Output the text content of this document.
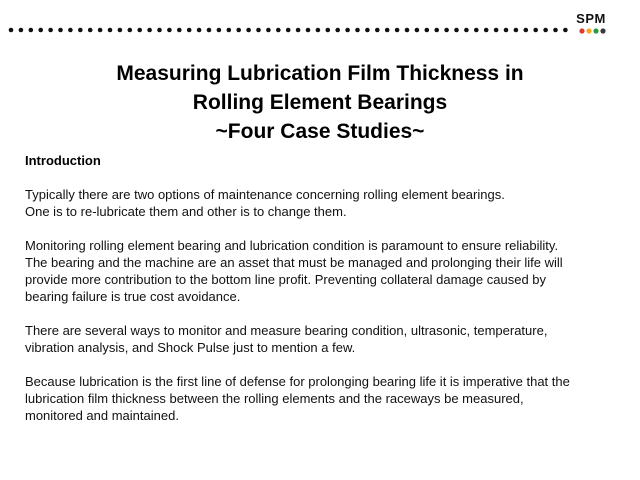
SPM
Measuring Lubrication Film Thickness in
Rolling Element Bearings
~Four Case Studies~
Introduction
Typically there are two options of maintenance concerning rolling element bearings.
One is to re-lubricate them and other is to change them.
Monitoring rolling element bearing and lubrication condition is paramount to ensure reliability.
The bearing and the machine are an asset that must be managed and prolonging their life will
provide more contribution to the bottom line profit. Preventing collateral damage caused by
bearing failure is true cost avoidance.
There are several ways to monitor and measure bearing condition, ultrasonic, temperature,
vibration analysis, and Shock Pulse just to mention a few.
Because lubrication is the first line of defense for prolonging bearing life it is imperative that the
lubrication film thickness between the rolling elements and the raceways be measured,
monitored and maintained.
